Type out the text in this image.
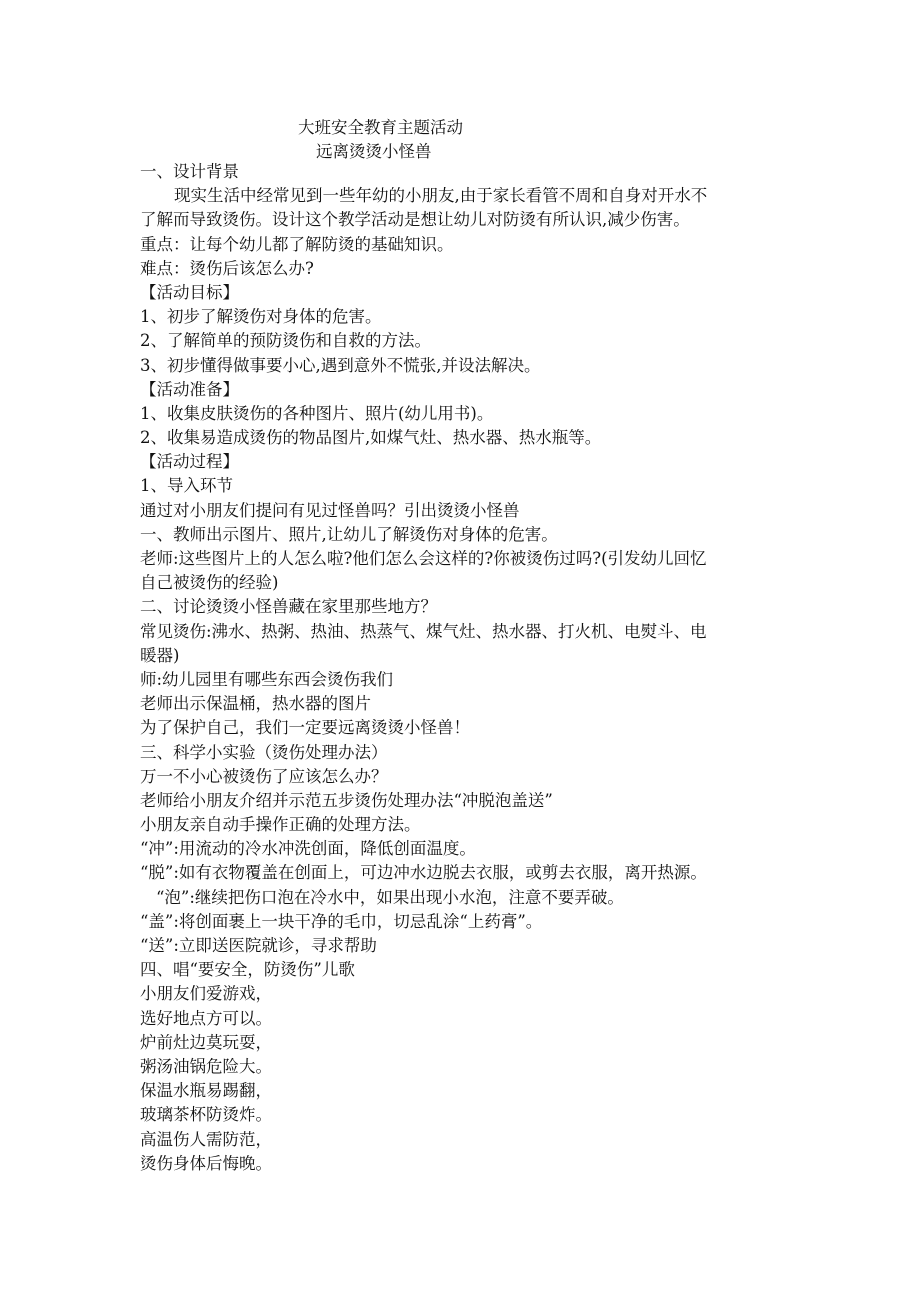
大班安全教育主题活动
远离烫烫小怪兽
一、设计背景
现实生活中经常见到一些年幼的小朋友,由于家长看管不周和自身对开水不
了解而导致烫伤。设计这个教学活动是想让幼儿对防烫有所认识,减少伤害。
重点：让每个幼儿都了解防烫的基础知识。
难点：烫伤后该怎么办?
【活动目标】
1、初步了解烫伤对身体的危害。
2、了解简单的预防烫伤和自救的方法。
3、初步懂得做事要小心,遇到意外不慌张,并设法解决。
【活动准备】
1、收集皮肤烫伤的各种图片、照片(幼儿用书)。
2、收集易造成烫伤的物品图片,如煤气灶、热水器、热水瓶等。
【活动过程】
1、导入环节
通过对小朋友们提问有见过怪兽吗？引出烫烫小怪兽
一、教师出示图片、照片,让幼儿了解烫伤对身体的危害。
老师:这些图片上的人怎么啦?他们怎么会这样的?你被烫伤过吗?(引发幼儿回忆
自己被烫伤的经验)
二、讨论烫烫小怪兽藏在家里那些地方？
常见烫伤:沸水、热粥、热油、热蒸气、煤气灶、热水器、打火机、电熨斗、电
暖器)
师:幼儿园里有哪些东西会烫伤我们
老师出示保温桶，热水器的图片
为了保护自己，我们一定要远离烫烫小怪兽！
三、科学小实验（烫伤处理办法）
万一不小心被烫伤了应该怎么办？
老师给小朋友介绍并示范五步烫伤处理办法“冲脱泡盖送”
小朋友亲自动手操作正确的处理方法。
“冲”:用流动的冷水冲洗创面，降低创面温度。
“脱”:如有衣物覆盖在创面上，可边冲水边脱去衣服，或剪去衣服，离开热源。
“泡”:继续把伤口泡在冷水中，如果出现小水泡，注意不要弄破。
“盖”:将创面裹上一块干净的毛巾，切忌乱涂“上药膏”。
“送”:立即送医院就诊，寻求帮助
四、唱“要安全，防烫伤”儿歌
小朋友们爱游戏，
选好地点方可以。
炉前灶边莫玩耍，
粥汤油锅危险大。
保温水瓶易踢翻，
玻璃茶杯防烫炸。
高温伤人需防范，
烫伤身体后悔晚。
